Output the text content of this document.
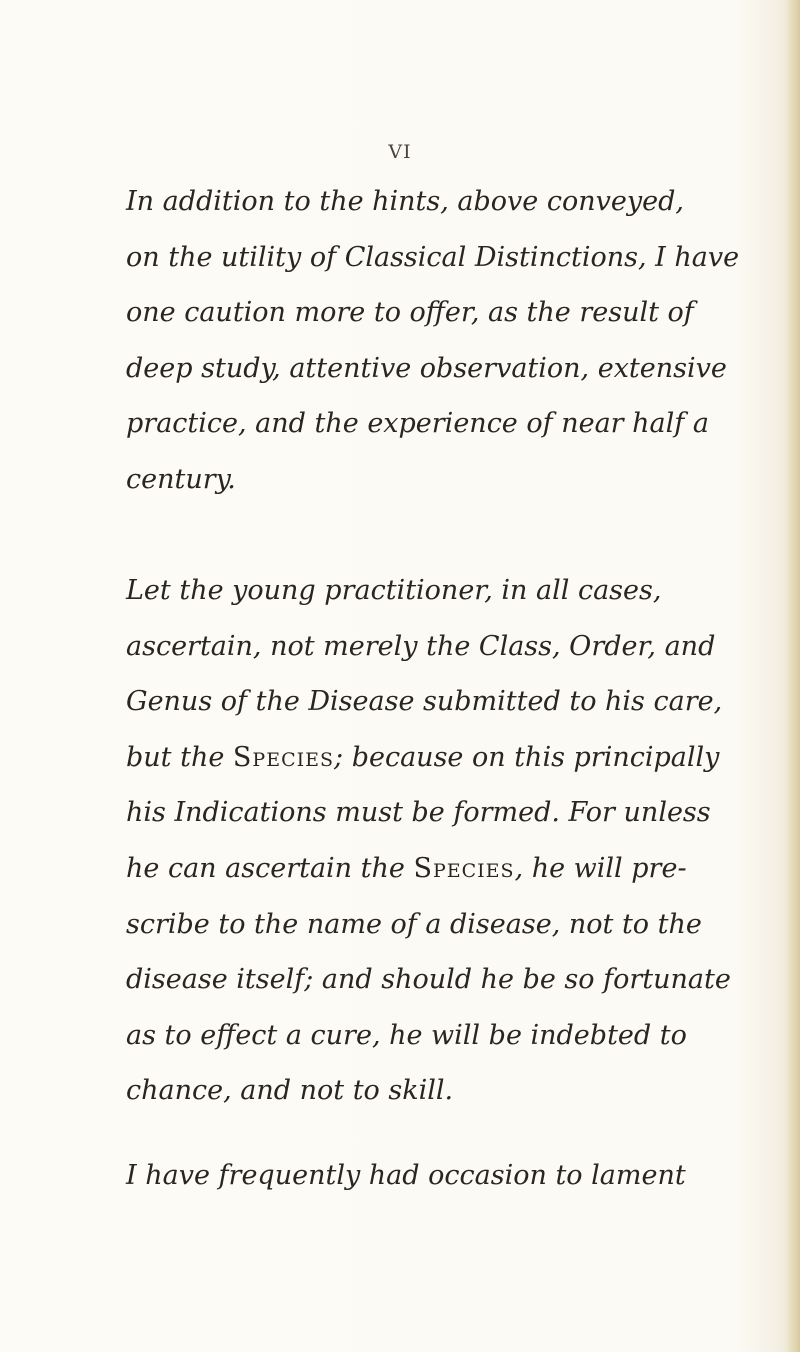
VI
In addition to the hints, above conveyed,
on the utility of Classical Distinctions, I have
one caution more to offer, as the result of
deep study, attentive observation, extensive
practice, and the experience of near half a
century.
Let the young practitioner, in all cases,
ascertain, not merely the Class, Order, and
Genus of the Disease submitted to his care,
but the Species; because on this principally
his Indications must be formed. For unless
he can ascertain the Species, he will pre-
scribe to the name of a disease, not to the
disease itself; and should he be so fortunate
as to effect a cure, he will be indebted to
chance, and not to skill.
I have frequently had occasion to lament
